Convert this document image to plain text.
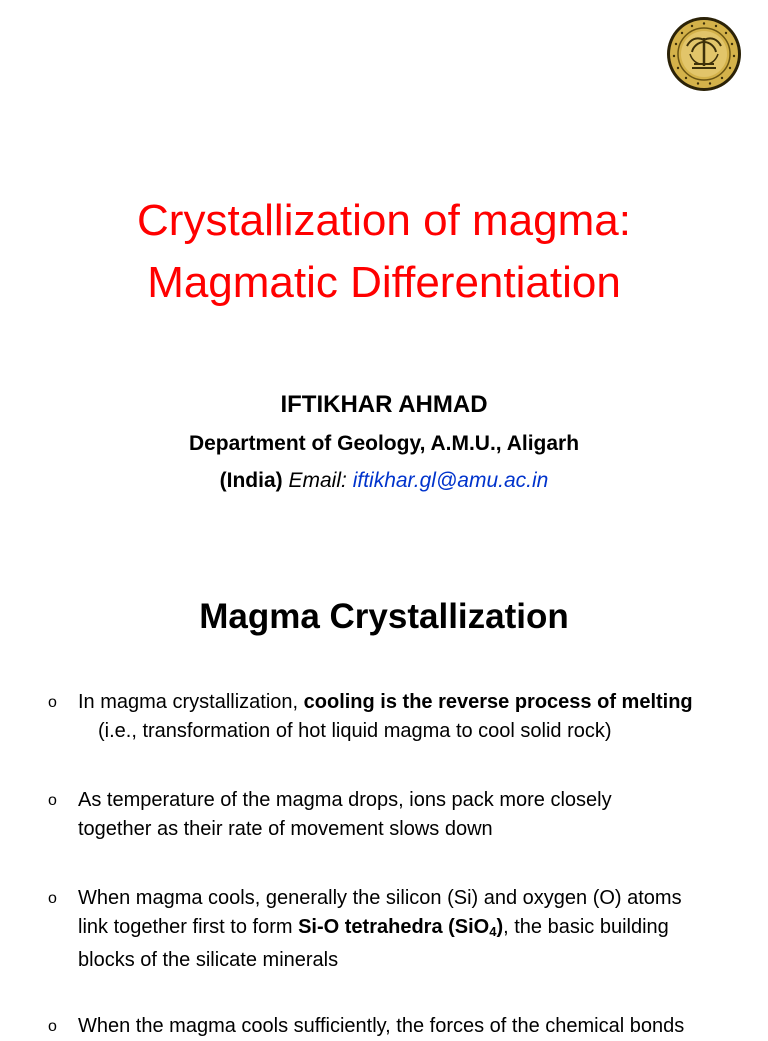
Crystallization of magma:
Magmatic Differentiation
IFTIKHAR AHMAD
Department of Geology, A.M.U., Aligarh
(India) Email: iftikhar.gl@amu.ac.in
Magma Crystallization
o In magma crystallization, cooling is the reverse process of melting
(i.e., transformation of hot liquid magma to cool solid rock)
o As temperature of the magma drops, ions pack more closely
together as their rate of movement slows down
o When magma cools, generally the silicon (Si) and oxygen (O) atoms
link together first to form Si-O tetrahedra (SiO$_4$), the basic building
blocks of the silicate minerals
o When the magma cools sufficiently, the forces of the chemical bonds
